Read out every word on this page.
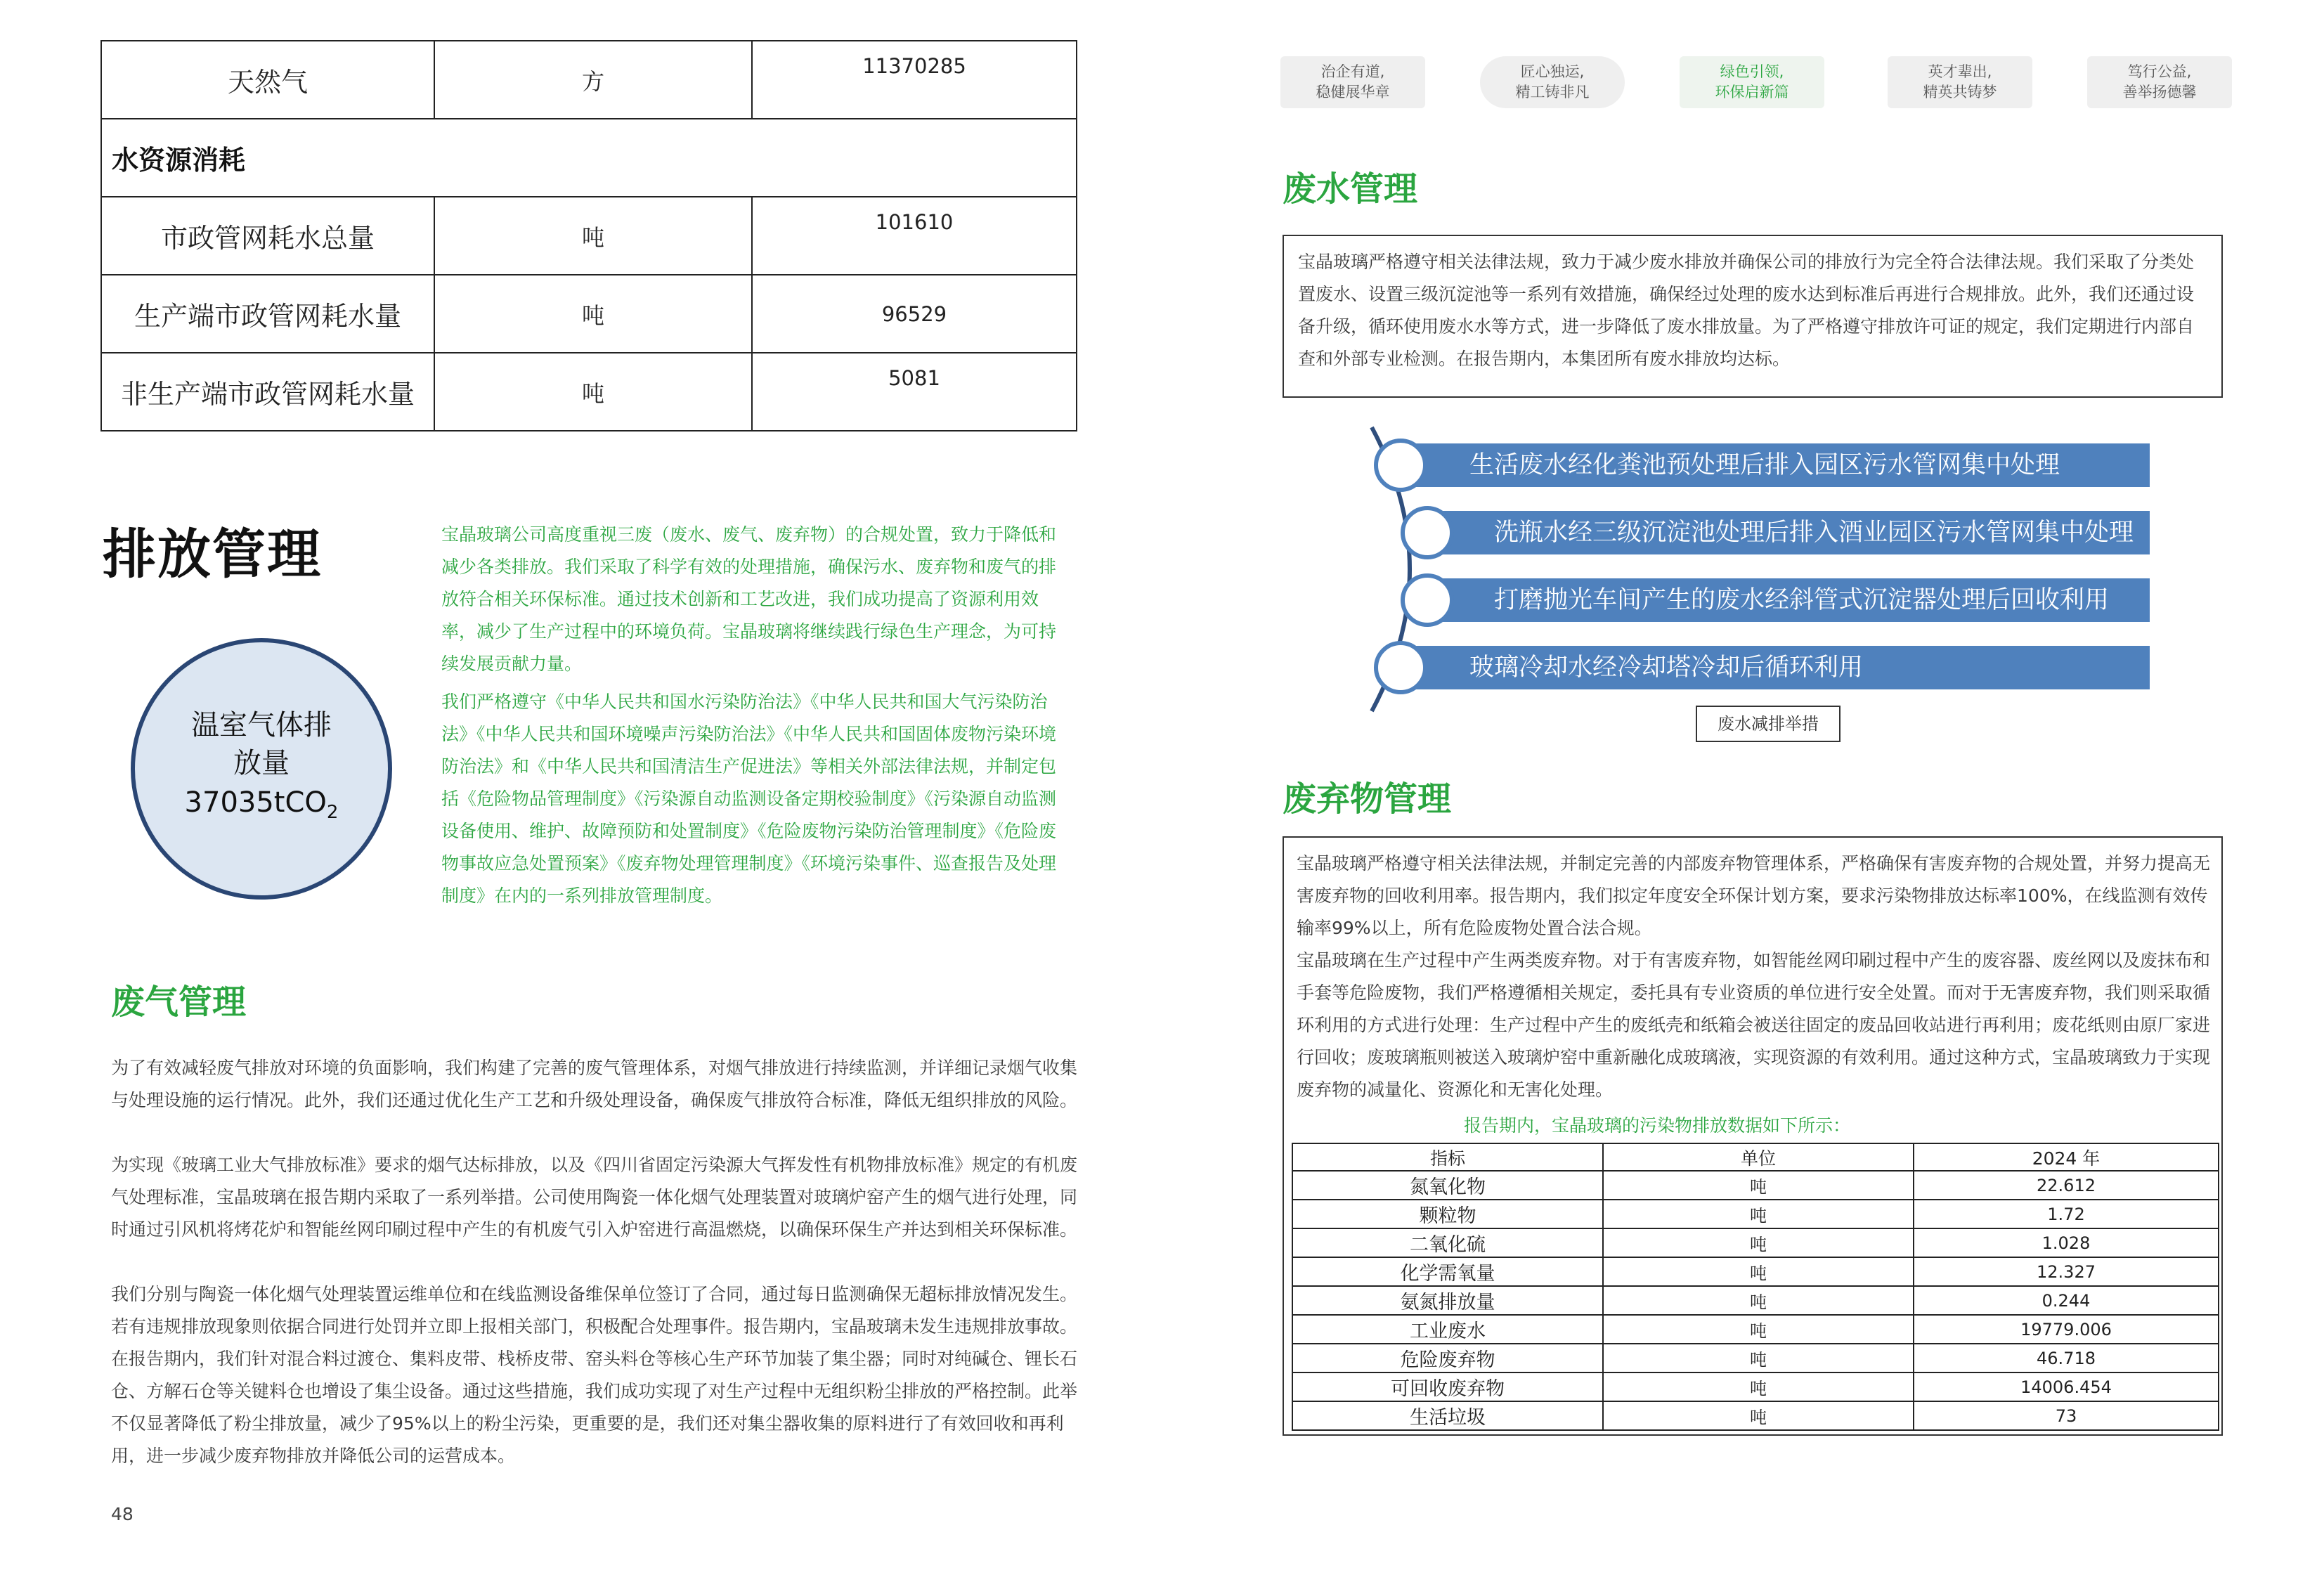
天然气	方	11370285
水资源消耗		
市政管网耗水总量	吨	101610
生产端市政管网耗水量	吨	96529
非生产端市政管网耗水量	吨	5081
排放管理
温室气体排放量
37035tCO$_2$
宝晶玻璃公司高度重视三废（废水、废气、废弃物）的合规处置，致力于降低和减少各类排放。我们采取了科学有效的处理措施，确保污水、废弃物和废气的排放符合相关环保标准。通过技术创新和工艺改进，我们成功提高了资源利用效率，减少了生产过程中的环境负荷。宝晶玻璃将继续践行绿色生产理念，为可持续发展贡献力量。
我们严格遵守《中华人民共和国水污染防治法》《中华人民共和国大气污染防治法》《中华人民共和国环境噪声污染防治法》《中华人民共和国固体废物污染环境防治法》和《中华人民共和国清洁生产促进法》等相关外部法律法规，并制定包括《危险物品管理制度》《污染源自动监测设备定期校验制度》《污染源自动监测设备使用、维护、故障预防和处置制度》《危险废物污染防治管理制度》《危险废物事故应急处置预案》《废弃物处理管理制度》《环境污染事件、巡查报告及处理制度》在内的一系列排放管理制度。
废气管理
为了有效减轻废气排放对环境的负面影响，我们构建了完善的废气管理体系，对烟气排放进行持续监测，并详细记录烟气收集与处理设施的运行情况。此外，我们还通过优化生产工艺和升级处理设备，确保废气排放符合标准，降低无组织排放的风险。
为实现《玻璃工业大气排放标准》要求的烟气达标排放，以及《四川省固定污染源大气挥发性有机物排放标准》规定的有机废气处理标准，宝晶玻璃在报告期内采取了一系列举措。公司使用陶瓷一体化烟气处理装置对玻璃炉窑产生的烟气进行处理，同时通过引风机将烤花炉和智能丝网印刷过程中产生的有机废气引入炉窑进行高温燃烧，以确保环保生产并达到相关环保标准。
我们分别与陶瓷一体化烟气处理装置运维单位和在线监测设备维保单位签订了合同，通过每日监测确保无超标排放情况发生。若有违规排放现象则依据合同进行处罚并立即上报相关部门，积极配合处理事件。报告期内，宝晶玻璃未发生违规排放事故。在报告期内，我们针对混合料过渡仓、集料皮带、栈桥皮带、窑头料仓等核心生产环节加装了集尘器；同时对纯碱仓、锂长石仓、方解石仓等关键料仓也增设了集尘设备。通过这些措施，我们成功实现了对生产过程中无组织粉尘排放的严格控制。此举不仅显著降低了粉尘排放量，减少了95%以上的粉尘污染，更重要的是，我们还对集尘器收集的原料进行了有效回收和再利用，进一步减少废弃物排放并降低公司的运营成本。
48
治企有道,
稳健展华章
匠心独运,
精工铸非凡
绿色引领,
环保启新篇
英才辈出,
精英共铸梦
笃行公益,
善举扬德馨
废水管理
宝晶玻璃严格遵守相关法律法规，致力于减少废水排放并确保公司的排放行为完全符合法律法规。我们采取了分类处置废水、设置三级沉淀池等一系列有效措施，确保经过处理的废水达到标准后再进行合规排放。此外，我们还通过设备升级，循环使用废水水等方式，进一步降低了废水排放量。为了严格遵守排放许可证的规定，我们定期进行内部自查和外部专业检测。在报告期内，本集团所有废水排放均达标。
生活废水经化粪池预处理后排入园区污水管网集中处理
洗瓶水经三级沉淀池处理后排入酒业园区污水管网集中处理
打磨抛光车间产生的废水经斜管式沉淀器处理后回收利用
玻璃冷却水经冷却塔冷却后循环利用
废水减排举措
废弃物管理
宝晶玻璃严格遵守相关法律法规，并制定完善的内部废弃物管理体系，严格确保有害废弃物的合规处置，并努力提高无害废弃物的回收利用率。报告期内，我们拟定年度安全环保计划方案，要求污染物排放达标率100%，在线监测有效传输率99%以上，所有危险废物处置合法合规。
宝晶玻璃在生产过程中产生两类废弃物。对于有害废弃物，如智能丝网印刷过程中产生的废容器、废丝网以及废抹布和手套等危险废物，我们严格遵循相关规定，委托具有专业资质的单位进行安全处置。而对于无害废弃物，我们则采取循环利用的方式进行处理：生产过程中产生的废纸壳和纸箱会被送往固定的废品回收站进行再利用；废花纸则由原厂家进行回收；废玻璃瓶则被送入玻璃炉窑中重新融化成玻璃液，实现资源的有效利用。通过这种方式，宝晶玻璃致力于实现废弃物的减量化、资源化和无害化处理。
报告期内，宝晶玻璃的污染物排放数据如下所示：
指标	单位	2024 年
氮氧化物	吨	22.612
颗粒物	吨	1.72
二氧化硫	吨	1.028
化学需氧量	吨	12.327
氨氮排放量	吨	0.244
工业废水	吨	19779.006
危险废弃物	吨	46.718
可回收废弃物	吨	14006.454
生活垃圾	吨	73
